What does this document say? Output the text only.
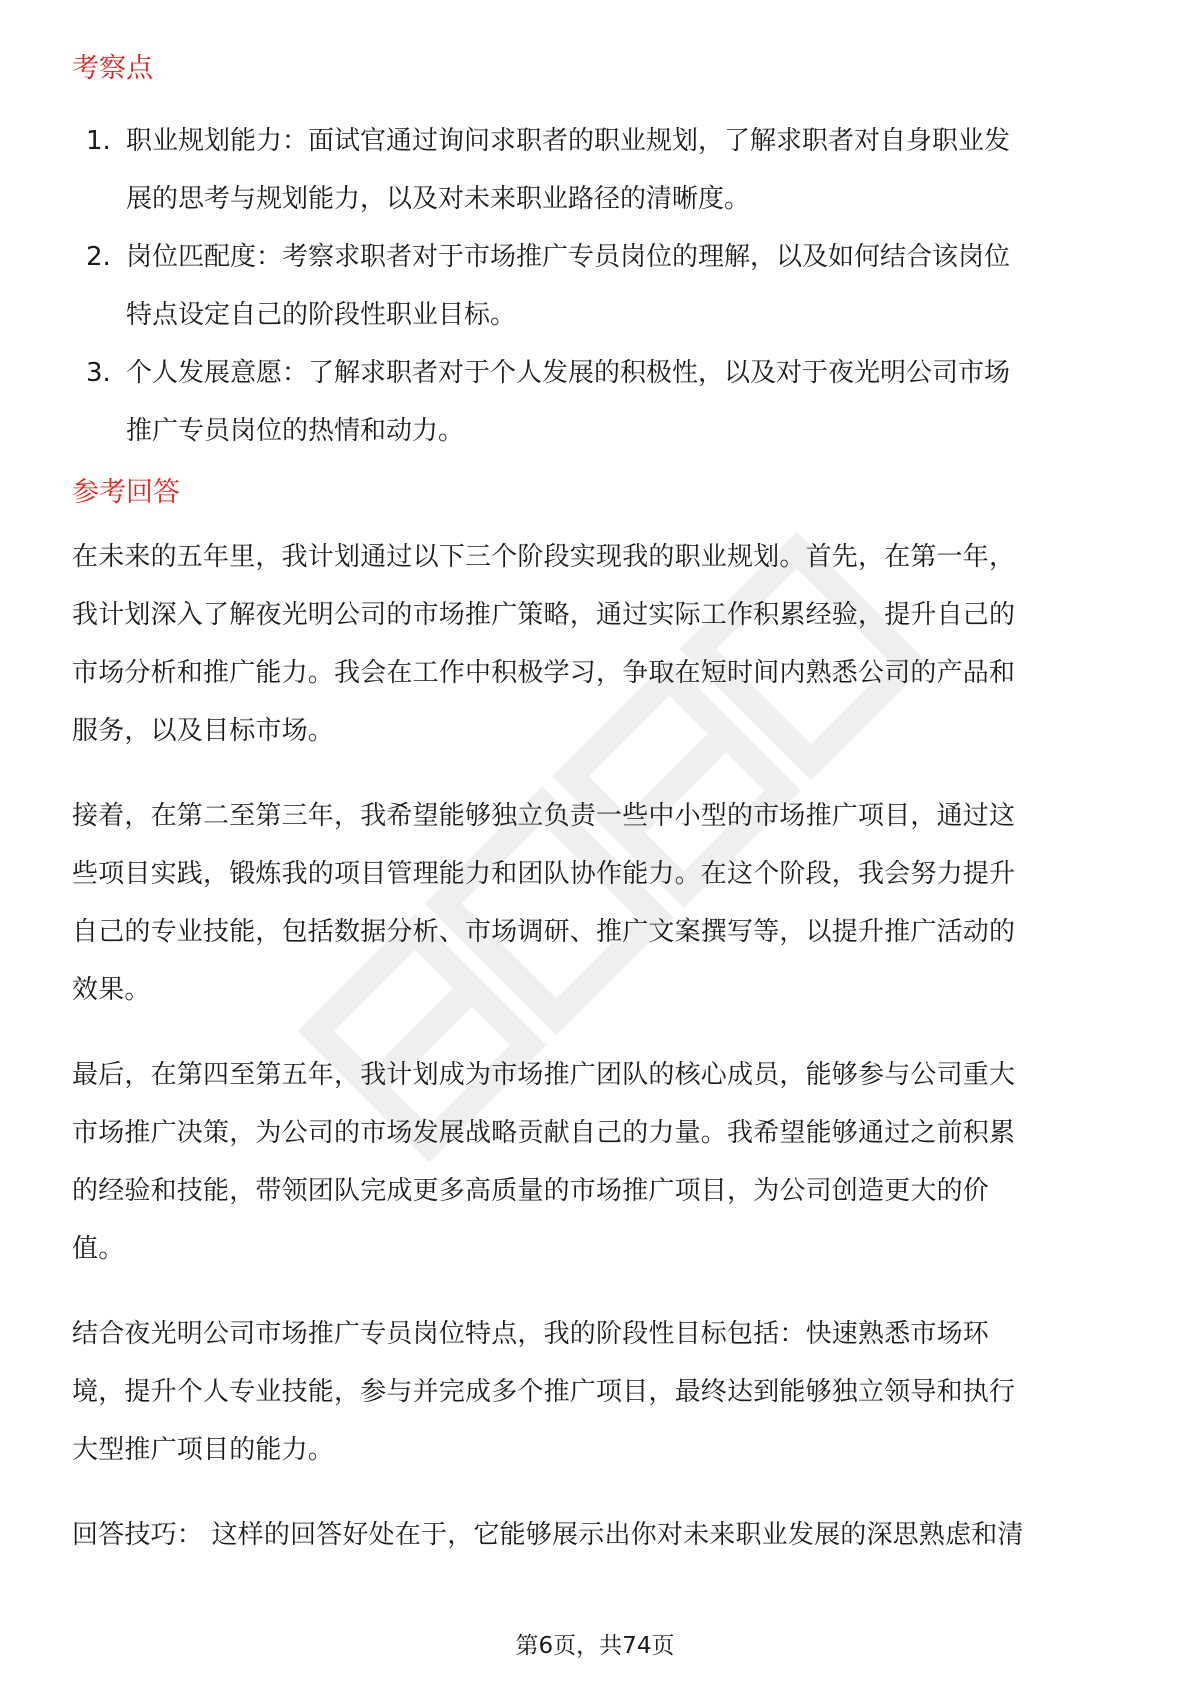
考察点
1. 职业规划能力：面试官通过询问求职者的职业规划，了解求职者对自身职业发
展的思考与规划能力，以及对未来职业路径的清晰度。
2. 岗位匹配度：考察求职者对于市场推广专员岗位的理解，以及如何结合该岗位
特点设定自己的阶段性职业目标。
3. 个人发展意愿：了解求职者对于个人发展的积极性，以及对于夜光明公司市场
推广专员岗位的热情和动力。
参考回答
在未来的五年里，我计划通过以下三个阶段实现我的职业规划。首先，在第一年，
我计划深入了解夜光明公司的市场推广策略，通过实际工作积累经验，提升自己的
市场分析和推广能力。我会在工作中积极学习，争取在短时间内熟悉公司的产品和
服务，以及目标市场。
接着，在第二至第三年，我希望能够独立负责一些中小型的市场推广项目，通过这
些项目实践，锻炼我的项目管理能力和团队协作能力。在这个阶段，我会努力提升
自己的专业技能，包括数据分析、市场调研、推广文案撰写等，以提升推广活动的
效果。
最后，在第四至第五年，我计划成为市场推广团队的核心成员，能够参与公司重大
市场推广决策，为公司的市场发展战略贡献自己的力量。我希望能够通过之前积累
的经验和技能，带领团队完成更多高质量的市场推广项目，为公司创造更大的价
值。
结合夜光明公司市场推广专员岗位特点，我的阶段性目标包括：快速熟悉市场环
境，提升个人专业技能，参与并完成多个推广项目，最终达到能够独立领导和执行
大型推广项目的能力。
回答技巧： 这样的回答好处在于，它能够展示出你对未来职业发展的深思熟虑和清
第6页，共74页
